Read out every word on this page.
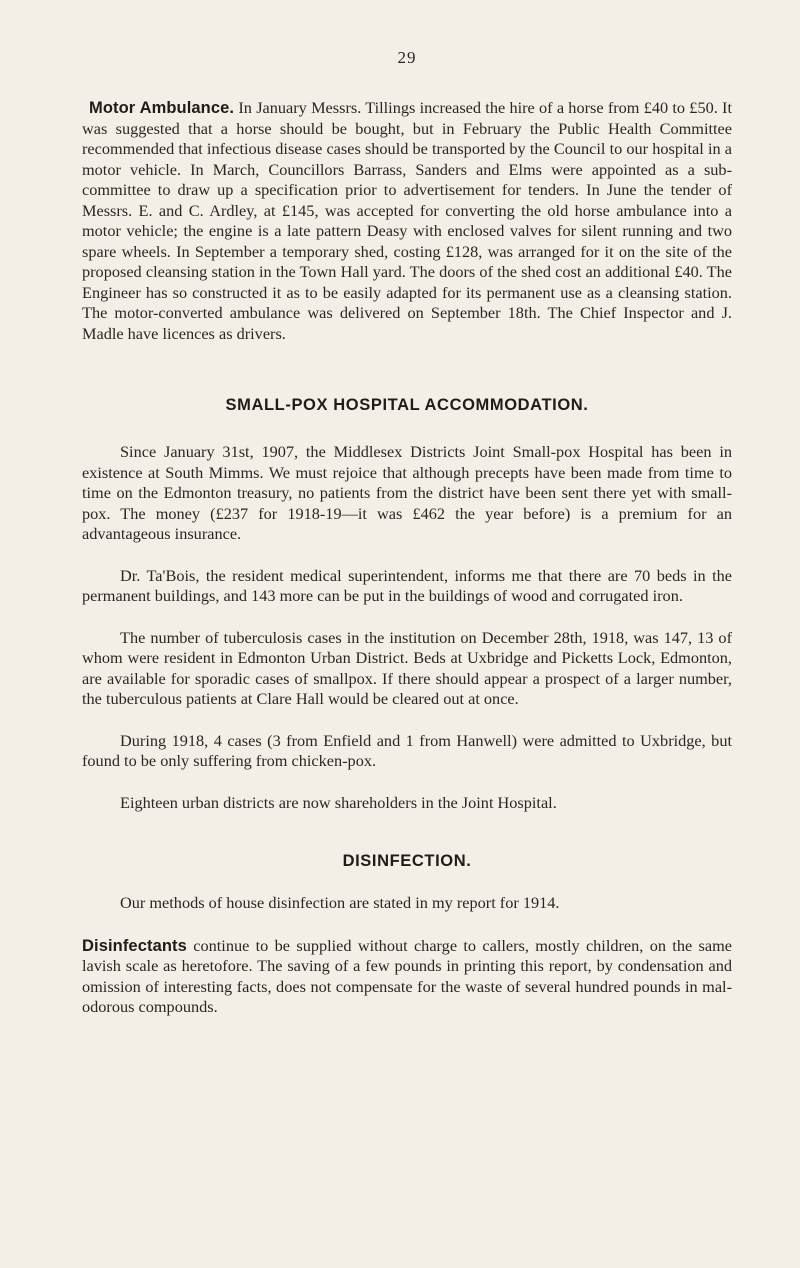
29

Motor Ambulance. In January Messrs. Tillings increased the hire of a horse from £40 to £50. It was suggested that a horse should be bought, but in February the Public Health Committee recommended that infectious disease cases should be transported by the Council to our hospital in a motor vehicle. In March, Councillors Barrass, Sanders and Elms were appointed as a sub-committee to draw up a specification prior to advertisement for tenders. In June the tender of Messrs. E. and C. Ardley, at £145, was accepted for converting the old horse ambulance into a motor vehicle; the engine is a late pattern Deasy with enclosed valves for silent running and two spare wheels. In September a temporary shed, costing £128, was arranged for it on the site of the proposed cleansing station in the Town Hall yard. The doors of the shed cost an additional £40. The Engineer has so constructed it as to be easily adapted for its permanent use as a cleansing station. The motor-converted ambulance was delivered on September 18th. The Chief Inspector and J. Madle have licences as drivers.

SMALL-POX HOSPITAL ACCOMMODATION.

Since January 31st, 1907, the Middlesex Districts Joint Small-pox Hospital has been in existence at South Mimms. We must rejoice that although precepts have been made from time to time on the Edmonton treasury, no patients from the district have been sent there yet with small-pox. The money (£237 for 1918-19—it was £462 the year before) is a premium for an advantageous insurance.

Dr. Ta'Bois, the resident medical superintendent, informs me that there are 70 beds in the permanent buildings, and 143 more can be put in the buildings of wood and corrugated iron.

The number of tuberculosis cases in the institution on December 28th, 1918, was 147, 13 of whom were resident in Edmonton Urban District. Beds at Uxbridge and Picketts Lock, Edmonton, are available for sporadic cases of smallpox. If there should appear a prospect of a larger number, the tuberculous patients at Clare Hall would be cleared out at once.

During 1918, 4 cases (3 from Enfield and 1 from Hanwell) were admitted to Uxbridge, but found to be only suffering from chicken-pox.

Eighteen urban districts are now shareholders in the Joint Hospital.

DISINFECTION.

Our methods of house disinfection are stated in my report for 1914.

Disinfectants continue to be supplied without charge to callers, mostly children, on the same lavish scale as heretofore. The saving of a few pounds in printing this report, by condensation and omission of interesting facts, does not compensate for the waste of several hundred pounds in mal-odorous compounds.
